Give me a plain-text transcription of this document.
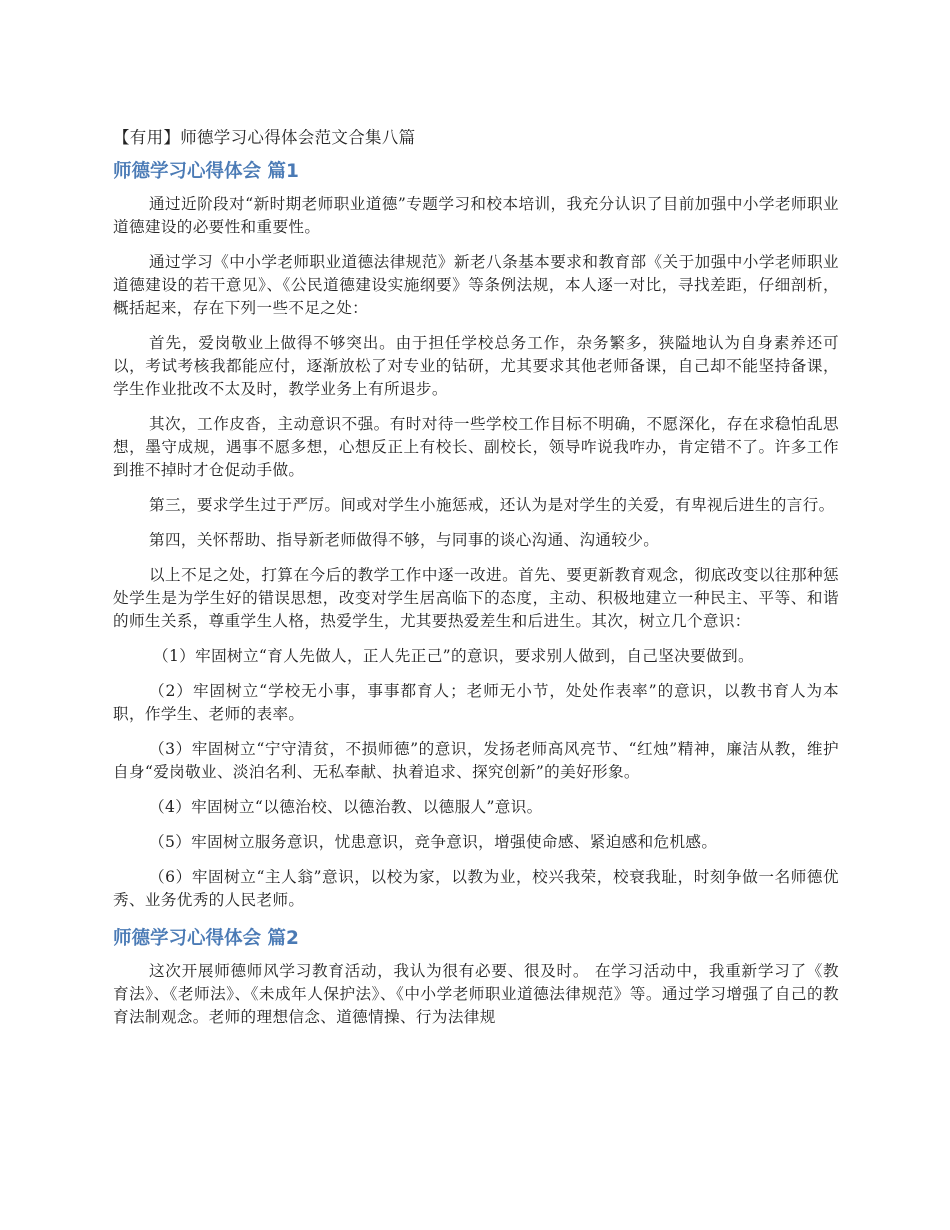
【有用】师德学习心得体会范文合集八篇
师德学习心得体会 篇1

通过近阶段对“新时期老师职业道德”专题学习和校本培训，我充分认识了目前加强中小学老师职业道德建设的必要性和重要性。

通过学习《中小学老师职业道德法律规范》新老八条基本要求和教育部《关于加强中小学老师职业道德建设的若干意见》、《公民道德建设实施纲要》等条例法规，本人逐一对比，寻找差距，仔细剖析，概括起来，存在下列一些不足之处：

首先，爱岗敬业上做得不够突出。由于担任学校总务工作，杂务繁多，狭隘地认为自身素养还可以，考试考核我都能应付，逐渐放松了对专业的钻研，尤其要求其他老师备课，自己却不能坚持备课，学生作业批改不太及时，教学业务上有所退步。

其次，工作皮沓，主动意识不强。有时对待一些学校工作目标不明确，不愿深化，存在求稳怕乱思想，墨守成规，遇事不愿多想，心想反正上有校长、副校长，领导咋说我咋办，肯定错不了。许多工作到推不掉时才仓促动手做。

第三，要求学生过于严厉。间或对学生小施惩戒，还认为是对学生的关爱，有卑视后进生的言行。

第四，关怀帮助、指导新老师做得不够，与同事的谈心沟通、沟通较少。

以上不足之处，打算在今后的教学工作中逐一改进。首先、要更新教育观念，彻底改变以往那种惩处学生是为学生好的错误思想，改变对学生居高临下的态度，主动、积极地建立一种民主、平等、和谐的师生关系，尊重学生人格，热爱学生，尤其要热爱差生和后进生。其次，树立几个意识：

（1）牢固树立“育人先做人，正人先正己”的意识，要求别人做到，自己坚决要做到。

（2）牢固树立“学校无小事，事事都育人；老师无小节，处处作表率”的意识，以教书育人为本职，作学生、老师的表率。

（3）牢固树立“宁守清贫，不损师德”的意识，发扬老师高风亮节、“红烛”精神，廉洁从教，维护自身“爱岗敬业、淡泊名利、无私奉献、执着追求、探究创新”的美好形象。

（4）牢固树立“以德治校、以德治教、以德服人”意识。

（5）牢固树立服务意识，忧患意识，竞争意识，增强使命感、紧迫感和危机感。

（6）牢固树立“主人翁”意识，以校为家，以教为业，校兴我荣，校衰我耻，时刻争做一名师德优秀、业务优秀的人民老师。

师德学习心得体会 篇2

这次开展师德师风学习教育活动，我认为很有必要、很及时。 在学习活动中，我重新学习了《教育法》、《老师法》、《未成年人保护法》、《中小学老师职业道德法律规范》等。通过学习增强了自己的教育法制观念。老师的理想信念、道德情操、行为法律规
